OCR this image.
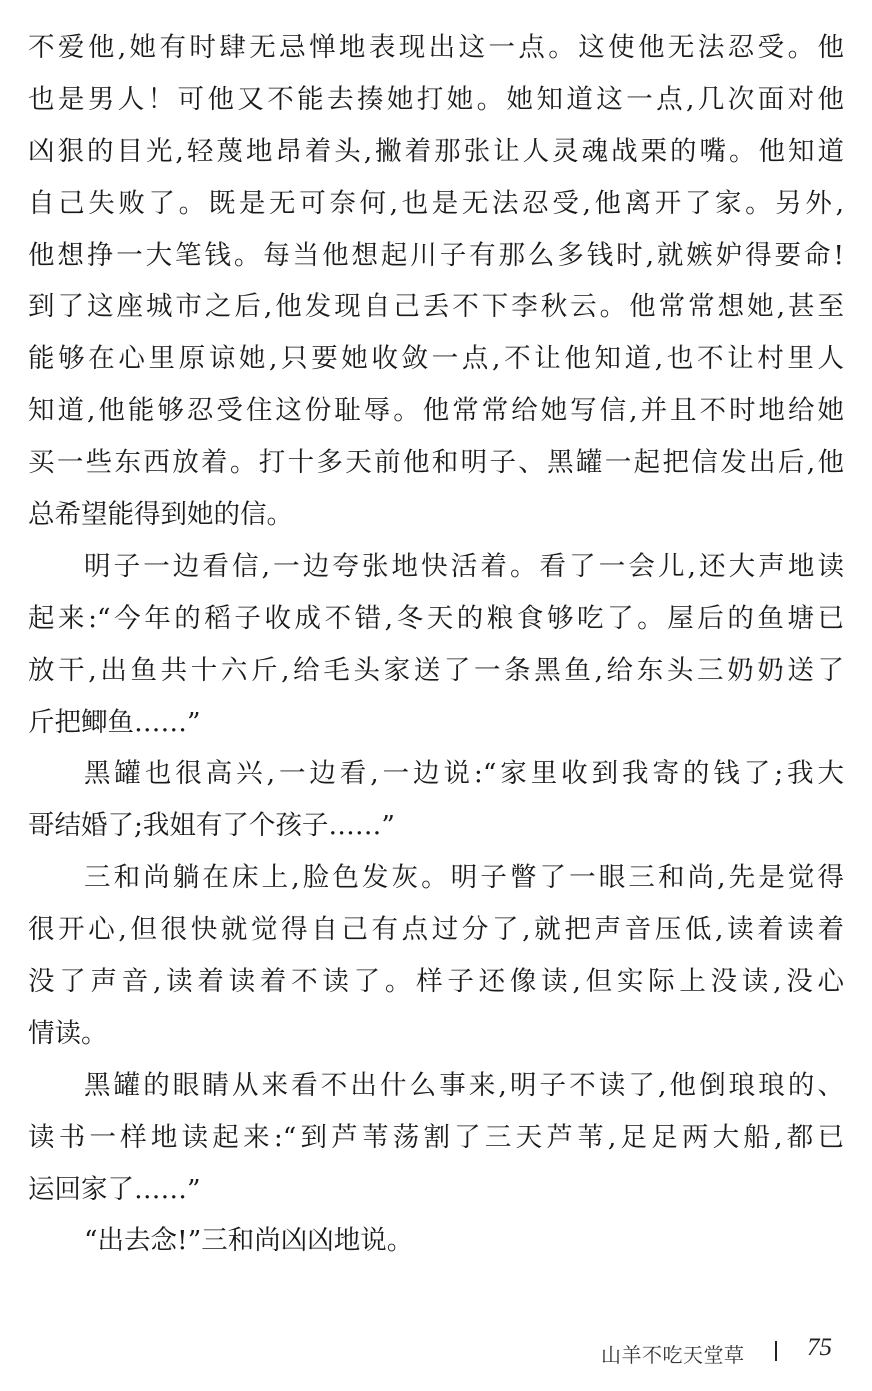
不爱他,她有时肆无忌惮地表现出这一点。这使他无法忍受。他
也是男人！可他又不能去揍她打她。她知道这一点,几次面对他
凶狠的目光,轻蔑地昂着头,撇着那张让人灵魂战栗的嘴。他知道
自己失败了。既是无可奈何,也是无法忍受,他离开了家。另外,
他想挣一大笔钱。每当他想起川子有那么多钱时,就嫉妒得要命!
到了这座城市之后,他发现自己丢不下李秋云。他常常想她,甚至
能够在心里原谅她,只要她收敛一点,不让他知道,也不让村里人
知道,他能够忍受住这份耻辱。他常常给她写信,并且不时地给她
买一些东西放着。打十多天前他和明子、黑罐一起把信发出后,他
总希望能得到她的信。
明子一边看信,一边夸张地快活着。看了一会儿,还大声地读
起来:“今年的稻子收成不错,冬天的粮食够吃了。屋后的鱼塘已
放干,出鱼共十六斤,给毛头家送了一条黑鱼,给东头三奶奶送了
斤把鲫鱼……”
黑罐也很高兴,一边看,一边说:“家里收到我寄的钱了;我大
哥结婚了;我姐有了个孩子……”
三和尚躺在床上,脸色发灰。明子瞥了一眼三和尚,先是觉得
很开心,但很快就觉得自己有点过分了,就把声音压低,读着读着
没了声音,读着读着不读了。样子还像读,但实际上没读,没心
情读。
黑罐的眼睛从来看不出什么事来,明子不读了,他倒琅琅的、
读书一样地读起来:“到芦苇荡割了三天芦苇,足足两大船,都已
运回家了……”
“出去念!”三和尚凶凶地说。
山羊不吃天堂草	75
